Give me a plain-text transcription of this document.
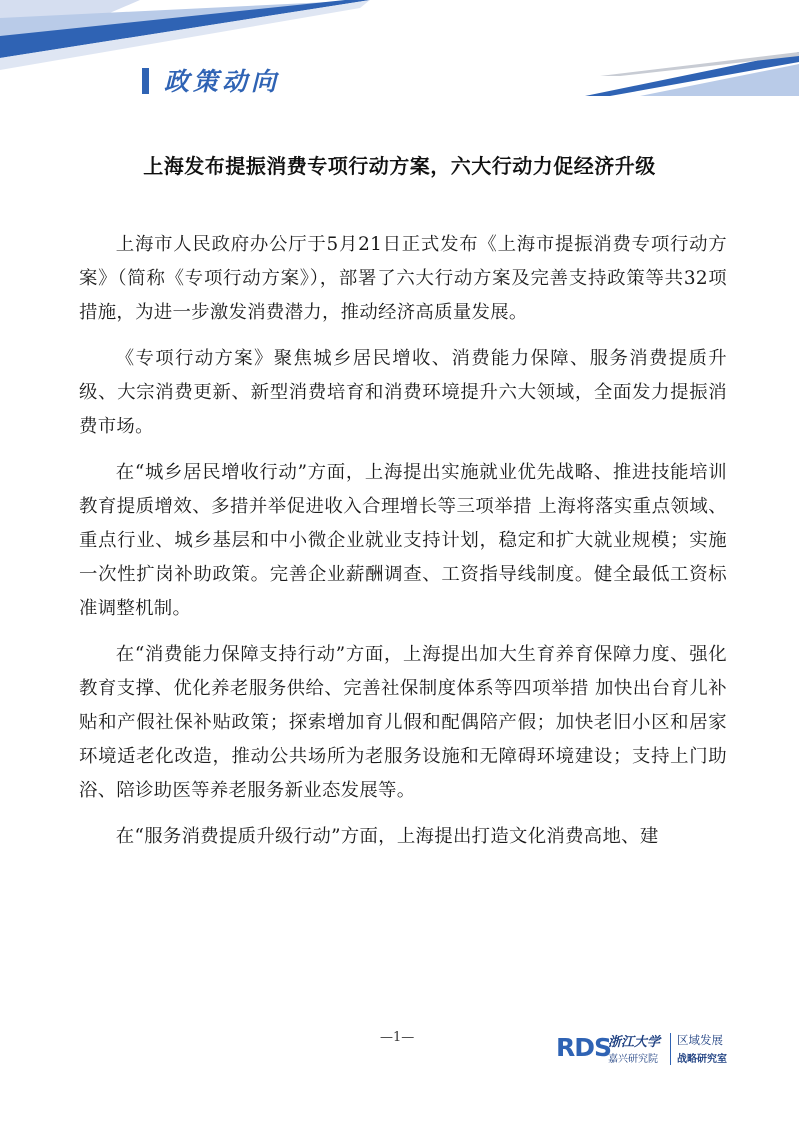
政策动向
上海发布提振消费专项行动方案，六大行动力促经济升级

上海市人民政府办公厅于5月21日正式发布《上海市提振消费专项行动方案》（简称《专项行动方案》），部署了六大行动方案及完善支持政策等共32项措施，为进一步激发消费潜力，推动经济高质量发展。

《专项行动方案》聚焦城乡居民增收、消费能力保障、服务消费提质升级、大宗消费更新、新型消费培育和消费环境提升六大领域，全面发力提振消费市场。

在“城乡居民增收行动”方面，上海提出实施就业优先战略、推进技能培训教育提质增效、多措并举促进收入合理增长等三项举措 上海将落实重点领域、重点行业、城乡基层和中小微企业就业支持计划，稳定和扩大就业规模；实施一次性扩岗补助政策。完善企业薪酬调查、工资指导线制度。健全最低工资标准调整机制。

在“消费能力保障支持行动”方面，上海提出加大生育养育保障力度、强化教育支撑、优化养老服务供给、完善社保制度体系等四项举措 加快出台育儿补贴和产假社保补贴政策；探索增加育儿假和配偶陪产假；加快老旧小区和居家环境适老化改造，推动公共场所为老服务设施和无障碍环境建设；支持上门助浴、陪诊助医等养老服务新业态发展等。

在“服务消费提质升级行动”方面，上海提出打造文化消费高地、建

—1—	RDS
浙江大学
嘉兴研究院
区域发展
战略研究室
